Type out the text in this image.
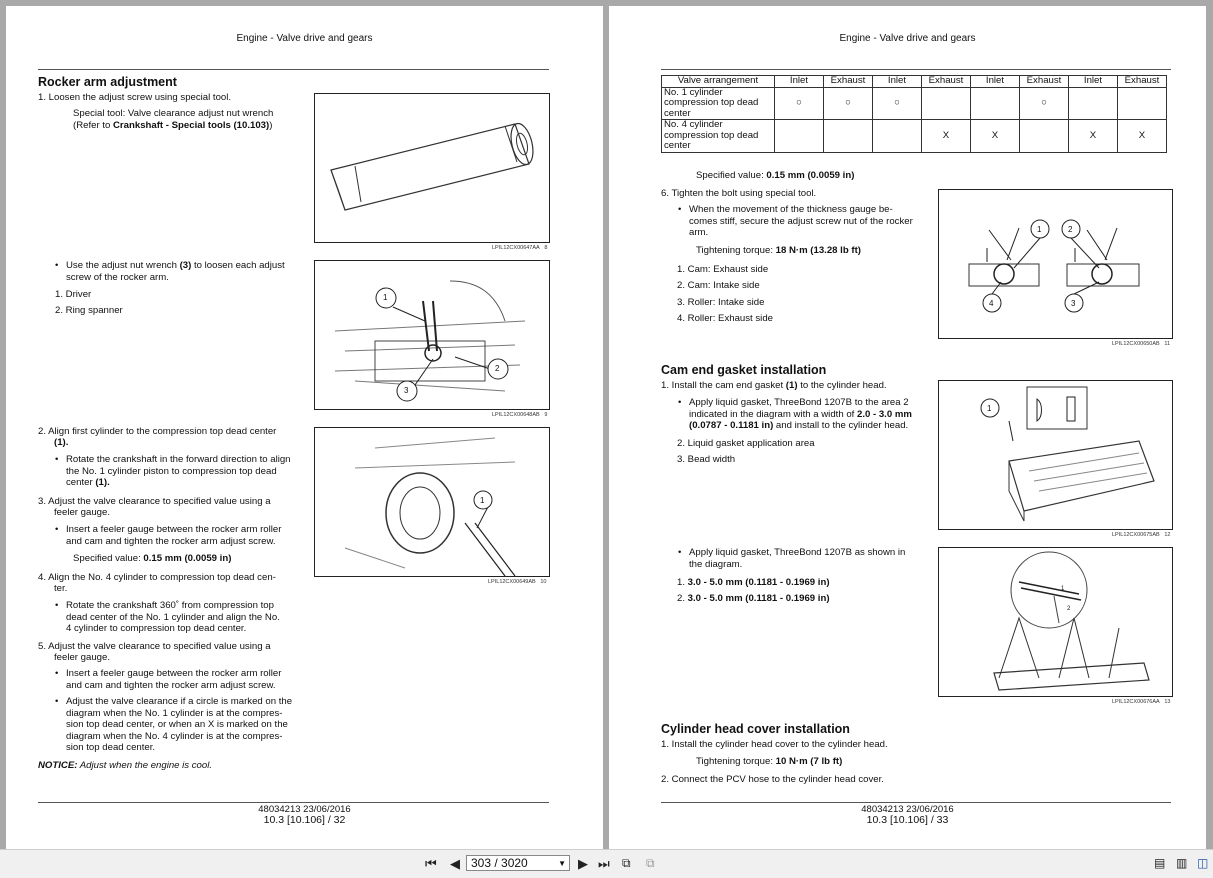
Engine - Valve drive and gears
Rocker arm adjustment
1. Loosen the adjust screw using special tool.
Special tool: Valve clearance adjust nut wrench
(Refer to Crankshaft - Special tools (10.103))
LPIL12CX00647AA 8
• Use the adjust nut wrench (3) to loosen each adjust
screw of the rocker arm.
1. Driver
2. Ring spanner
1
2
3
LPIL12CX00648AB 9
2. Align first cylinder to the compression top dead center
(1).
• Rotate the crankshaft in the forward direction to align
the No. 1 cylinder piston to compression top dead
center (1).
3. Adjust the valve clearance to specified value using a
feeler gauge.
• Insert a feeler gauge between the rocker arm roller
and cam and tighten the rocker arm adjust screw.
Specified value: 0.15 mm (0.0059 in)
1
LPIL12CX00649AB 10
4. Align the No. 4 cylinder to compression top dead cen-
ter.
• Rotate the crankshaft 360˚ from compression top
dead center of the No. 1 cylinder and align the No.
4 cylinder to compression top dead center.
5. Adjust the valve clearance to specified value using a
feeler gauge.
• Insert a feeler gauge between the rocker arm roller
and cam and tighten the rocker arm adjust screw.
• Adjust the valve clearance if a circle is marked on the
diagram when the No. 1 cylinder is at the compres-
sion top dead center, or when an X is marked on the
diagram when the No. 4 cylinder is at the compres-
sion top dead center.
NOTICE: Adjust when the engine is cool.
48034213 23/06/2016
10.3 [10.106] / 32
Engine - Valve drive and gears
Valve arrangement	Inlet	Exhaust	Inlet	Exhaust	Inlet	Exhaust	Inlet	Exhaust
No. 1 cylinder compression top dead center	○	○	○			○		
No. 4 cylinder compression top dead center				X	X		X	X
Specified value: 0.15 mm (0.0059 in)
6. Tighten the bolt using special tool.
• When the movement of the thickness gauge be-
comes stiff, secure the adjust screw nut of the rocker
arm.
Tightening torque: 18 N·m (13.28 lb ft)
1. Cam: Exhaust side
2. Cam: Intake side
3. Roller: Intake side
4. Roller: Exhaust side
1	2
3
4
LPIL12CX00650AB 11
Cam end gasket installation
1. Install the cam end gasket (1) to the cylinder head.
• Apply liquid gasket, ThreeBond 1207B to the area 2
indicated in the diagram with a width of 2.0 - 3.0 mm
(0.0787 - 0.1181 in) and install to the cylinder head.
2. Liquid gasket application area
3. Bead width
1
LPIL12CX00675AB 12
• Apply liquid gasket, ThreeBond 1207B as shown in
the diagram.
1. 3.0 - 5.0 mm (0.1181 - 0.1969 in)
2. 3.0 - 5.0 mm (0.1181 - 0.1969 in)
1
2
LPIL12CX00676AA 13
Cylinder head cover installation
1. Install the cylinder head cover to the cylinder head.
Tightening torque: 10 N·m (7 lb ft)
2. Connect the PCV hose to the cylinder head cover.
48034213 23/06/2016
10.3 [10.106] / 33
⏮ ◀ 303 / 3020	▼ ▶ ⏭ ⧉ ⧉	▤ ▥ ◫
